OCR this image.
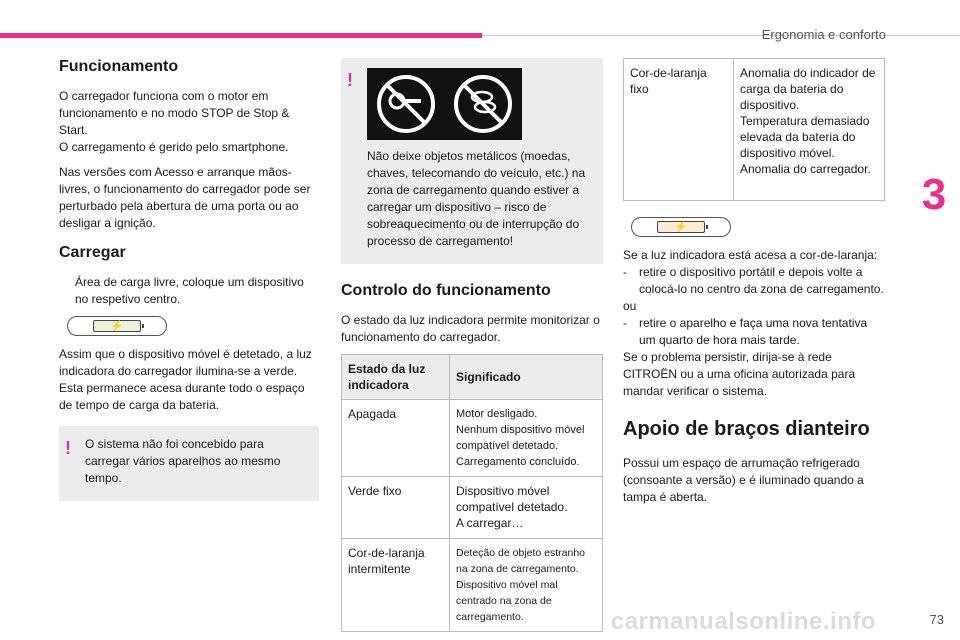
Ergonomia e conforto
3
carmanualsonline.info	73
Funcionamento

O carregador funciona com o motor em funcionamento e no modo STOP de Stop & Start.

O carregamento é gerido pelo smartphone.

Nas versões com Acesso e arranque mãos-livres, o funcionamento do carregador pode ser perturbado pela abertura de uma porta ou ao desligar a ignição.

Carregar
Área de carga livre, coloque um dispositivo no respetivo centro.
⚡

Assim que o dispositivo móvel é detetado, a luz indicadora do carregador ilumina-se a verde.

Esta permanece acesa durante todo o espaço de tempo de carga da bateria.

! O sistema não foi concebido para carregar vários aparelhos ao mesmo tempo.
!
Não deixe objetos metálicos (moedas, chaves, telecomando do veículo, etc.) na zona de carregamento quando estiver a carregar um dispositivo – risco de sobreaquecimento ou de interrupção do processo de carregamento!
Controlo do funcionamento

O estado da luz indicadora permite monitorizar o funcionamento do carregador.

Estado da luz indicadora	Significado
Apagada	Motor desligado.
Nenhum dispositivo móvel compatível detetado.
Carregamento concluído.
Verde fixo	Dispositivo móvel compatível detetado.
A carregar…
Cor-de-laranja intermitente	Deteção de objeto estranho na zona de carregamento.
Dispositivo móvel mal centrado na zona de carregamento.
Cor-de-laranja fixo	Anomalia do indicador de carga da bateria do dispositivo.
Temperatura demasiado elevada da bateria do dispositivo móvel.
Anomalia do carregador.
⚡

Se a luz indicadora está acesa a cor-de-laranja:

-	retire o dispositivo portátil e depois volte a colocá-lo no centro da zona de carregamento.

ou

-	retire o aparelho e faça uma nova tentativa um quarto de hora mais tarde.

Se o problema persistir, dirija-se à rede CITROËN ou a uma oficina autorizada para mandar verificar o sistema.

Apoio de braços dianteiro

Possui um espaço de arrumação refrigerado (consoante a versão) e é iluminado quando a tampa é aberta.
